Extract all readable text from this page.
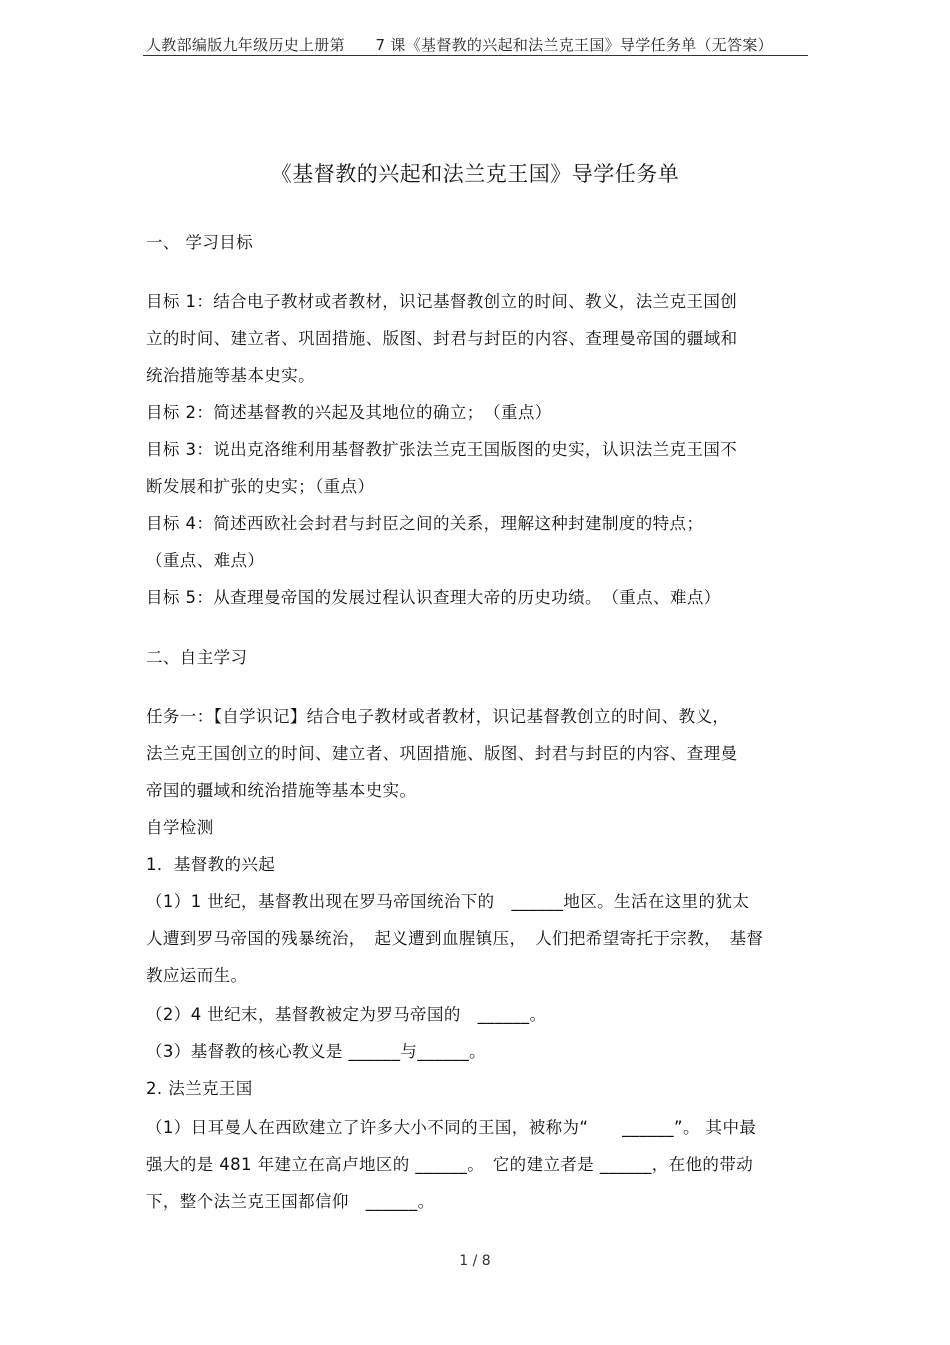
人教部编版九年级历史上册第　　7 课《基督教的兴起和法兰克王国》导学任务单（无答案）
《基督教的兴起和法兰克王国》导学任务单
一、 学习目标
目标 1：结合电子教材或者教材，识记基督教创立的时间、教义，法兰克王国创
立的时间、建立者、巩固措施、版图、封君与封臣的内容、查理曼帝国的疆域和
统治措施等基本史实。
目标 2：简述基督教的兴起及其地位的确立；　（重点）
目标 3：说出克洛维利用基督教扩张法兰克王国版图的史实，认识法兰克王国不
断发展和扩张的史实；（重点）
目标 4：简述西欧社会封君与封臣之间的关系，理解这种封建制度的特点；
（重点、难点）
目标 5：从查理曼帝国的发展过程认识查理大帝的历史功绩。　（重点、难点）
二、自主学习
任务一：【自学识记】结合电子教材或者教材，识记基督教创立的时间、教义，
法兰克王国创立的时间、建立者、巩固措施、版图、封君与封臣的内容、查理曼
帝国的疆域和统治措施等基本史实。
自学检测
1．基督教的兴起
（1）1 世纪，基督教出现在罗马帝国统治下的　______地区。生活在这里的犹太
人遭到罗马帝国的残暴统治，　起义遭到血腥镇压，　人们把希望寄托于宗教，　基督
教应运而生。
（2）4 世纪末，基督教被定为罗马帝国的　______。
（3）基督教的核心教义是 ______与______。
2. 法兰克王国
（1）日耳曼人在西欧建立了许多大小不同的王国，被称为“　　______”。 其中最
强大的是 481 年建立在高卢地区的 ______。　它的建立者是 ______，在他的带动
下，整个法兰克王国都信仰　______。
1 / 8
